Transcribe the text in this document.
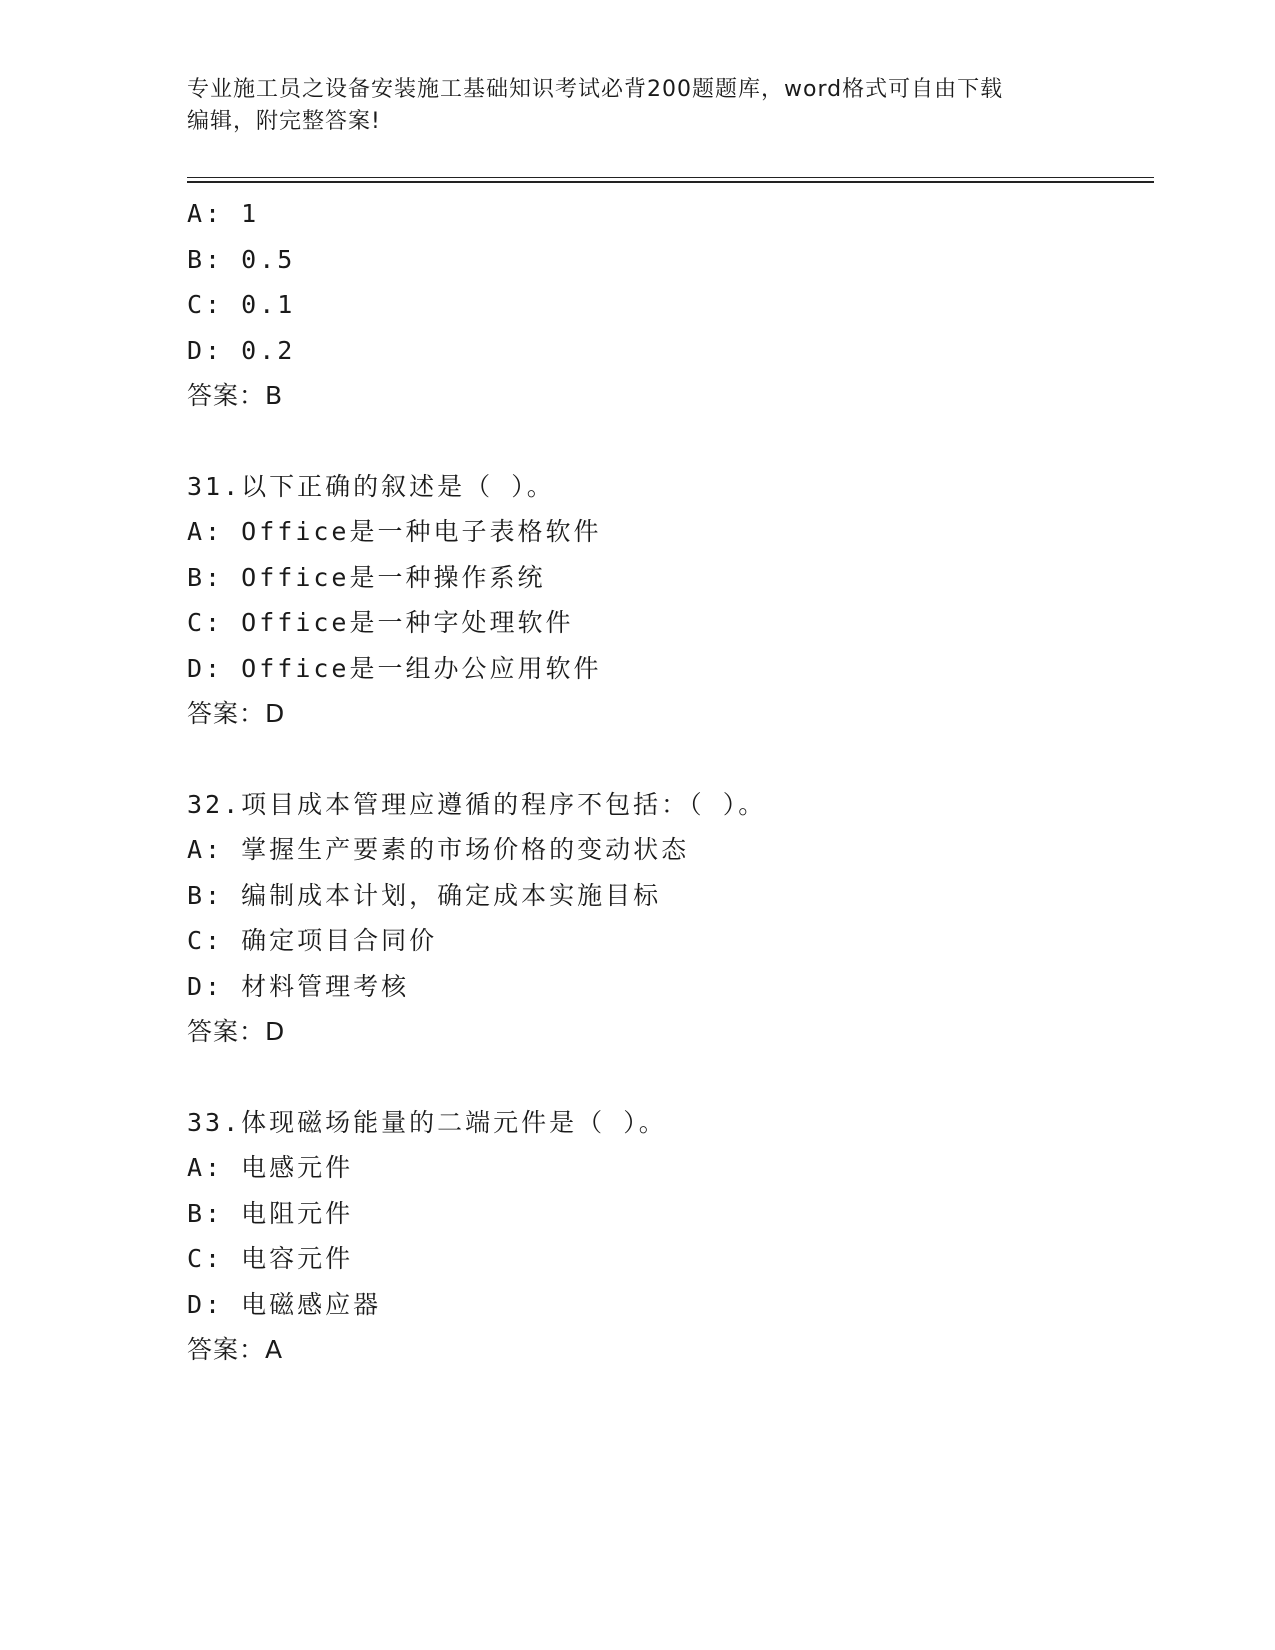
专业施工员之设备安装施工基础知识考试必背200题题库，word格式可自由下载
编辑，附完整答案!
A: 1
B: 0.5
C: 0.1
D: 0.2
答案：B
31.以下正确的叙述是（ ）。
A: Office是一种电子表格软件
B: Office是一种操作系统
C: Office是一种字处理软件
D: Office是一组办公应用软件
答案：D
32.项目成本管理应遵循的程序不包括：（ ）。
A: 掌握生产要素的市场价格的变动状态
B: 编制成本计划，确定成本实施目标
C: 确定项目合同价
D: 材料管理考核
答案：D
33.体现磁场能量的二端元件是（ ）。
A: 电感元件
B: 电阻元件
C: 电容元件
D: 电磁感应器
答案：A
